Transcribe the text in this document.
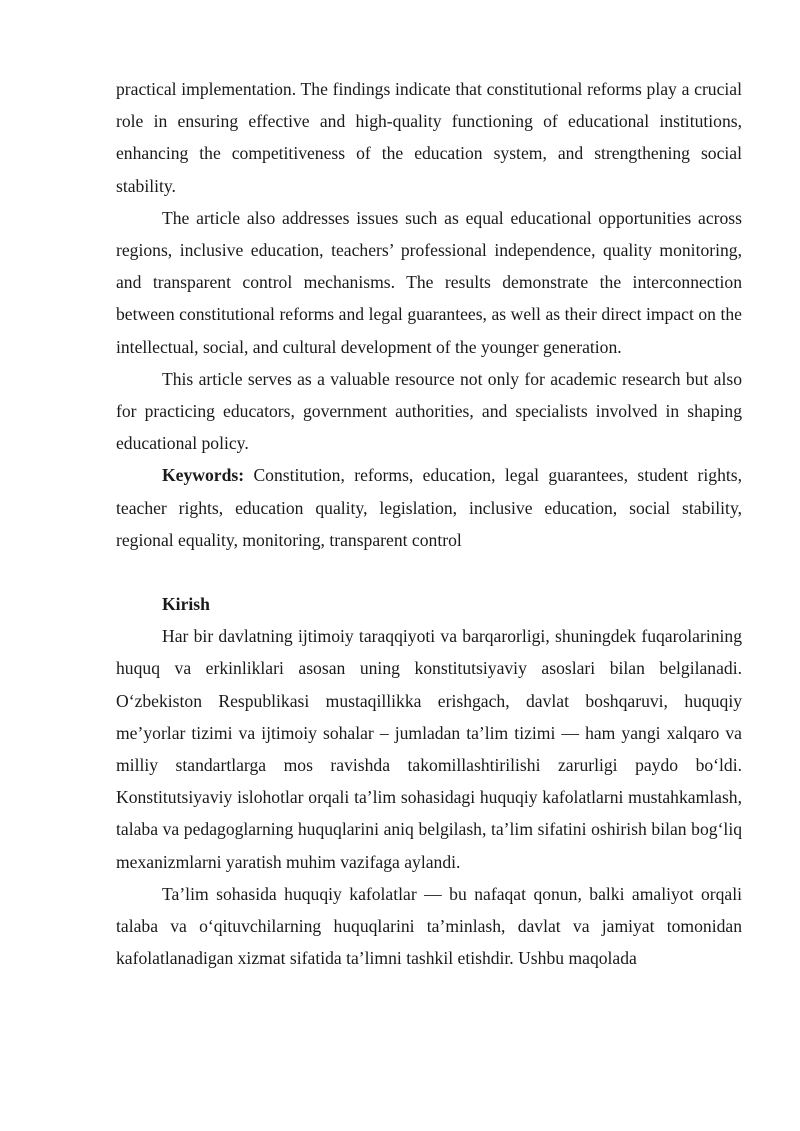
practical implementation. The findings indicate that constitutional reforms play a crucial role in ensuring effective and high-quality functioning of educational institutions, enhancing the competitiveness of the education system, and strengthening social stability.

The article also addresses issues such as equal educational opportunities across regions, inclusive education, teachers’ professional independence, quality monitoring, and transparent control mechanisms. The results demonstrate the interconnection between constitutional reforms and legal guarantees, as well as their direct impact on the intellectual, social, and cultural development of the younger generation.

This article serves as a valuable resource not only for academic research but also for practicing educators, government authorities, and specialists involved in shaping educational policy.

Keywords: Constitution, reforms, education, legal guarantees, student rights, teacher rights, education quality, legislation, inclusive education, social stability, regional equality, monitoring, transparent control

Kirish

Har bir davlatning ijtimoiy taraqqiyoti va barqarorligi, shuningdek fuqarolarining huquq va erkinliklari asosan uning konstitutsiyaviy asoslari bilan belgilanadi. O‘zbekiston Respublikasi mustaqillikka erishgach, davlat boshqaruvi, huquqiy me’yorlar tizimi va ijtimoiy sohalar – jumladan ta’lim tizimi — ham yangi xalqaro va milliy standartlarga mos ravishda takomillashtirilishi zarurligi paydo bo‘ldi. Konstitutsiyaviy islohotlar orqali ta’lim sohasidagi huquqiy kafolatlarni mustahkamlash, talaba va pedagoglarning huquqlarini aniq belgilash, ta’lim sifatini oshirish bilan bog‘liq mexanizmlarni yaratish muhim vazifaga aylandi.

Ta’lim sohasida huquqiy kafolatlar — bu nafaqat qonun, balki amaliyot orqali talaba va o‘qituvchilarning huquqlarini ta’minlash, davlat va jamiyat tomonidan kafolatlanadigan xizmat sifatida ta’limni tashkil etishdir. Ushbu maqolada
